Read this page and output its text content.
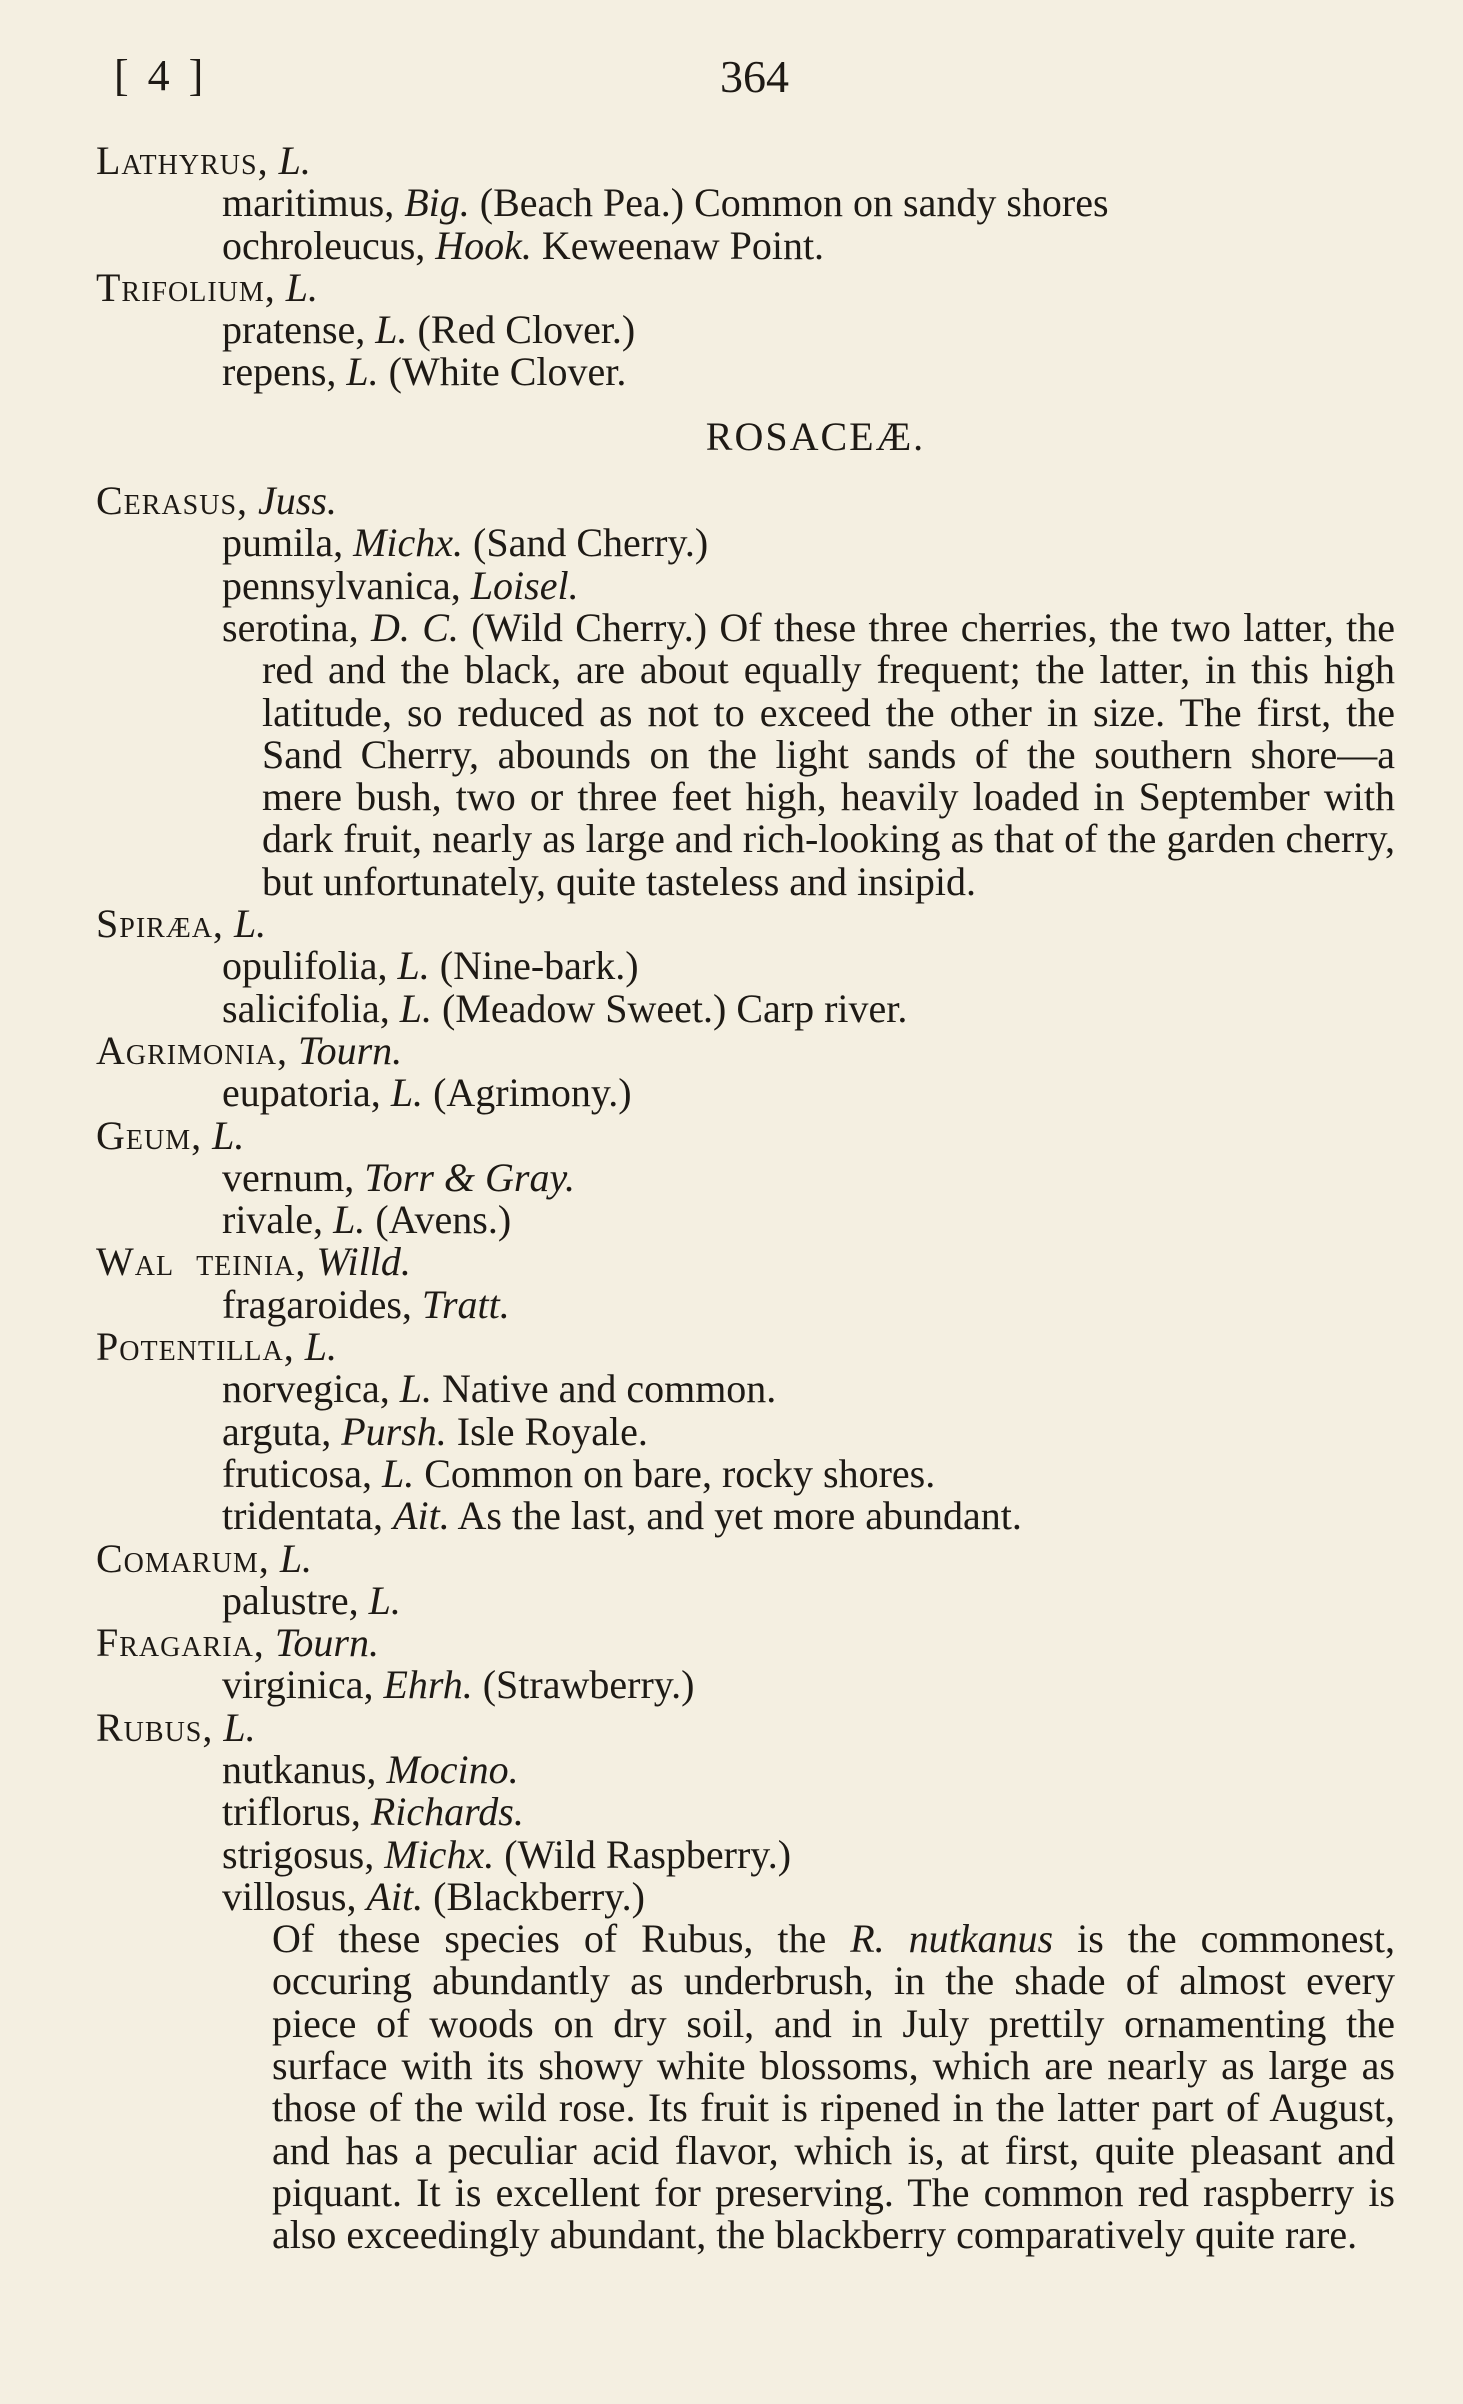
[ 4 ]	364
Lathyrus, L.
maritimus, Big. (Beach Pea.) Common on sandy shores
ochroleucus, Hook. Keweenaw Point.
Trifolium, L.
pratense, L. (Red Clover.)
repens, L. (White Clover.
ROSACEÆ.
Cerasus, Juss.
pumila, Michx. (Sand Cherry.)
pennsylvanica, Loisel.
serotina, D. C. (Wild Cherry.) Of these three cherries, the two latter, the red and the black, are about equally frequent; the latter, in this high latitude, so reduced as not to exceed the other in size. The first, the Sand Cherry, abounds on the light sands of the southern shore—a mere bush, two or three feet high, heavily loaded in September with dark fruit, nearly as large and rich-looking as that of the garden cherry, but unfortunately, quite tasteless and insipid.
Spiræa, L.
opulifolia, L. (Nine-bark.)
salicifolia, L. (Meadow Sweet.) Carp river.
Agrimonia, Tourn.
eupatoria, L. (Agrimony.)
Geum, L.
vernum, Torr & Gray.
rivale, L. (Avens.)
Wal  teinia, Willd.
fragaroides, Tratt.
Potentilla, L.
norvegica, L. Native and common.
arguta, Pursh. Isle Royale.
fruticosa, L. Common on bare, rocky shores.
tridentata, Ait. As the last, and yet more abundant.
Comarum, L.
palustre, L.
Fragaria, Tourn.
virginica, Ehrh. (Strawberry.)
Rubus, L.
nutkanus, Mocino.
triflorus, Richards.
strigosus, Michx. (Wild Raspberry.)
villosus, Ait. (Blackberry.)
Of these species of Rubus, the R. nutkanus is the commonest, occuring abundantly as underbrush, in the shade of almost every piece of woods on dry soil, and in July prettily ornamenting the surface with its showy white blossoms, which are nearly as large as those of the wild rose. Its fruit is ripened in the latter part of August, and has a peculiar acid flavor, which is, at first, quite pleasant and piquant. It is excellent for preserving. The common red raspberry is also exceedingly abundant, the blackberry comparatively quite rare.
